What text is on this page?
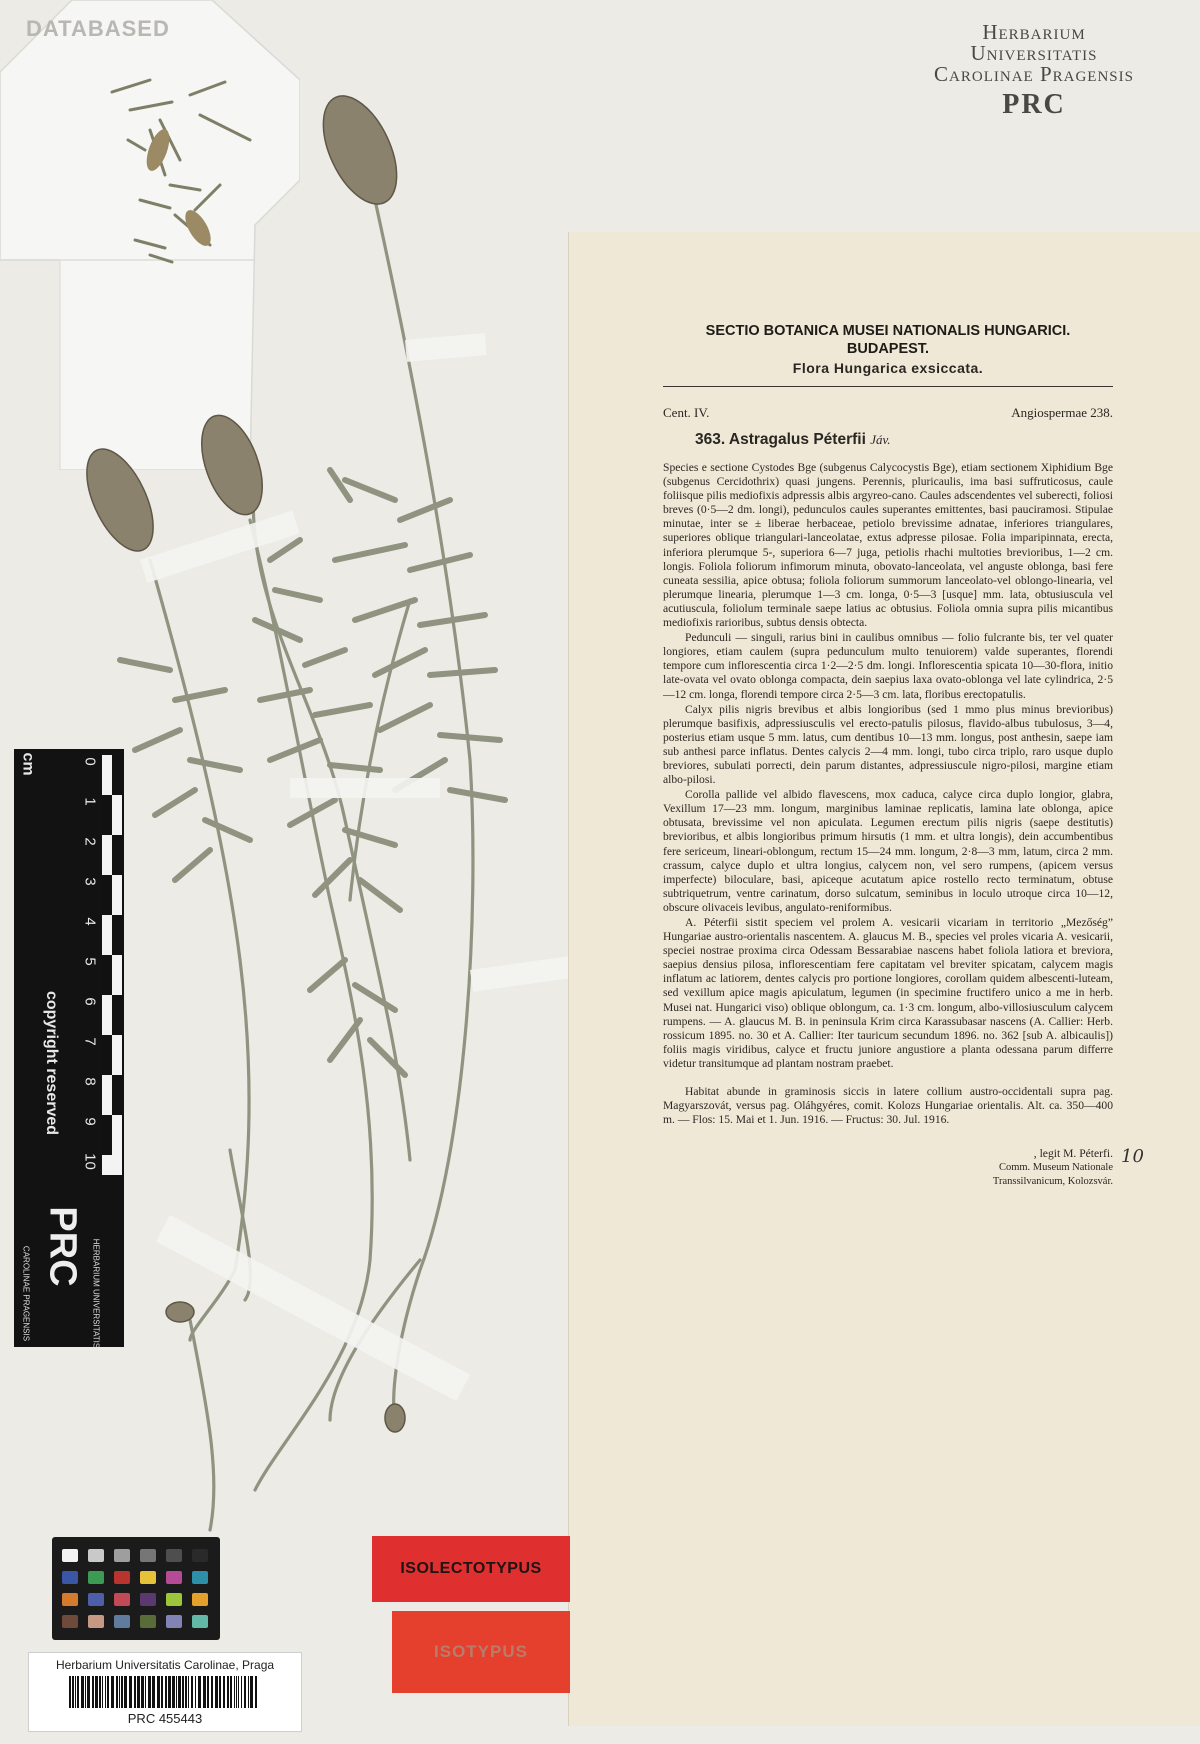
DATABASED	Herbarium
Universitatis
Carolinae Pragensis
PRC
SECTIO BOTANICA MUSEI NATIONALIS HUNGARICI.
BUDAPEST.
Flora Hungarica exsiccata.
Cent. IV.	Angiospermae 238.
363. Astragalus Péterfii Jáv.

Species e sectione Cystodes Bge (subgenus Calycocystis Bge), etiam sectionem Xiphidium Bge (subgenus Cercidothrix) quasi jungens. Perennis, pluricaulis, ima basi suffruticosus, caule foliisque pilis mediofixis adpressis albis argyreo-cano. Caules adscendentes vel suberecti, foliosi breves (0·5—2 dm. longi), pedunculos caules superantes emittentes, basi pauciramosi. Stipulae minutae, inter se ± liberae herbaceae, petiolo brevissime adnatae, inferiores triangulares, superiores oblique triangulari-lanceolatae, extus adpresse pilosae. Folia imparipinnata, erecta, inferiora plerumque 5-, superiora 6—7 juga, petiolis rhachi multoties brevioribus, 1—2 cm. longis. Foliola foliorum infimorum minuta, obovato-lanceolata, vel anguste oblonga, basi fere cuneata sessilia, apice obtusa; foliola foliorum summorum lanceolato-vel oblongo-linearia, vel plerumque linearia, plerumque 1—3 cm. longa, 0·5—3 [usque] mm. lata, obtusiuscula vel acutiuscula, foliolum terminale saepe latius ac obtusius. Foliola omnia supra pilis micantibus mediofixis rarioribus, subtus densis obtecta.

Pedunculi — singuli, rarius bini in caulibus omnibus — folio fulcrante bis, ter vel quater longiores, etiam caulem (supra pedunculum multo tenuiorem) valde superantes, florendi tempore cum inflorescentia circa 1·2—2·5 dm. longi. Inflorescentia spicata 10—30-flora, initio late-ovata vel ovato oblonga compacta, dein saepius laxa ovato-oblonga vel late cylindrica, 2·5—12 cm. longa, florendi tempore circa 2·5—3 cm. lata, floribus erectopatulis.

Calyx pilis nigris brevibus et albis longioribus (sed 1 mmo plus minus brevioribus) plerumque basifixis, adpressiusculis vel erecto-patulis pilosus, flavido-albus tubulosus, 3—4, posterius etiam usque 5 mm. latus, cum dentibus 10—13 mm. longus, post anthesin, saepe iam sub anthesi parce inflatus. Dentes calycis 2—4 mm. longi, tubo circa triplo, raro usque duplo breviores, subulati porrecti, dein parum distantes, adpressiuscule nigro-pilosi, margine etiam albo-pilosi.

Corolla pallide vel albido flavescens, mox caduca, calyce circa duplo longior, glabra, Vexillum 17—23 mm. longum, marginibus laminae replicatis, lamina late oblonga, apice obtusata, brevissime vel non apiculata. Legumen erectum pilis nigris (saepe destitutis) brevioribus, et albis longioribus primum hirsutis (1 mm. et ultra longis), dein accumbentibus fere sericeum, lineari-oblongum, rectum 15—24 mm. longum, 2·8—3 mm, latum, circa 2 mm. crassum, calyce duplo et ultra longius, calycem non, vel sero rumpens, (apicem versus imperfecte) biloculare, basi, apiceque acutatum apice rostello recto terminatum, obtuse subtriquetrum, ventre carinatum, dorso sulcatum, seminibus in loculo utroque circa 10—12, obscure olivaceis levibus, angulato-reniformibus.

A. Péterfii sistit speciem vel prolem A. vesicarii vicariam in territorio „Mezőség” Hungariae austro-orientalis nascentem. A. glaucus M. B., species vel proles vicaria A. vesicarii, speciei nostrae proxima circa Odessam Bessarabiae nascens habet foliola latiora et breviora, saepius densius pilosa, inflorescentiam fere capitatam vel breviter spicatam, calycem magis inflatum ac latiorem, dentes calycis pro portione longiores, corollam quidem albescenti-luteam, sed vexillum apice magis apiculatum, legumen (in specimine fructifero unico a me in herb. Musei nat. Hungarici viso) oblique oblongum, ca. 1·3 cm. longum, albo-villosiusculum calycem rumpens. — A. glaucus M. B. in peninsula Krim circa Karassubasar nascens (A. Callier: Herb. rossicum 1895. no. 30 et A. Callier: Iter tauricum secundum 1896. no. 362 [sub A. albicaulis]) foliis magis viridibus, calyce et fructu juniore angustiore a planta odessana parum differre videtur transitumque ad plantam nostram praebet.

Habitat abunde in graminosis siccis in latere collium austro-occidentali supra pag. Magyarszovát, versus pag. Oláhgyéres, comit. Kolozs Hungariae orientalis. Alt. ca. 350—400 m. — Flos: 15. Mai et 1. Jun. 1916. — Fructus: 30. Jul. 1916.

, legit M. Péterfi.
Comm. Museum Nationale
Transsilvanicum, Kolozsvár.
10
cm	0
1
2
3
4
5
6
7
8
9
10
copyright reserved
PRC HERBARIUM UNIVERSITATIS
CAROLINAE PRAGENSIS
ISOLECTOTYPUS
ISOTYPUS
Herbarium Universitatis Carolinae, Praga
PRC 455443
